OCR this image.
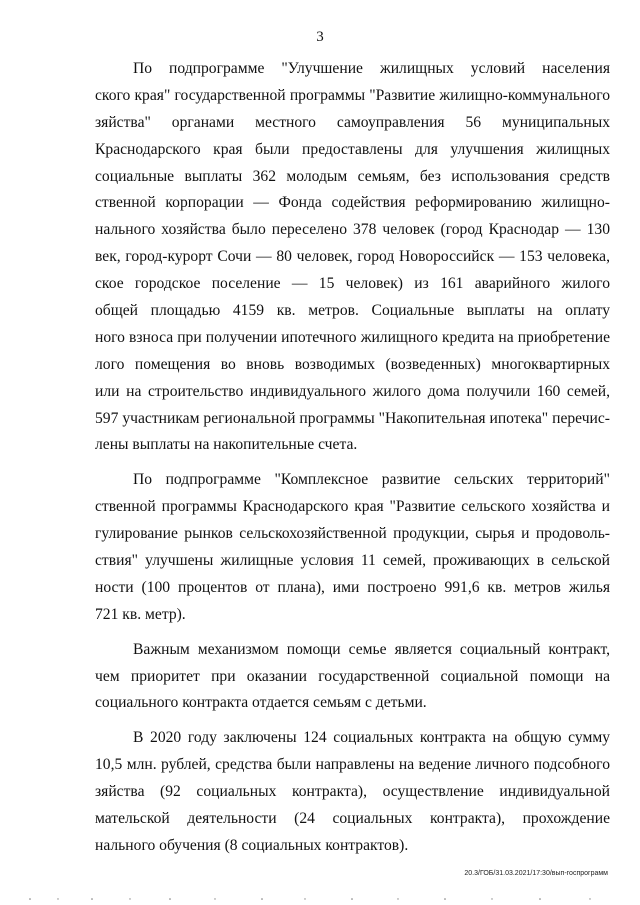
3
По подпрограмме "Улучшение жилищных условий населения
ского края" государственной программы "Развитие жилищно-коммунального
зяйства" органами местного самоуправления 56 муниципальных
Краснодарского края были предоставлены для улучшения жилищных
социальные выплаты 362 молодым семьям, без использования средств
ственной корпорации — Фонда содействия реформированию жилищно-
нального хозяйства было переселено 378 человек (город Краснодар — 130
век, город-курорт Сочи — 80 человек, город Новороссийск — 153 человека,
ское городское поселение — 15 человек) из 161 аварийного жилого
общей площадью 4159 кв. метров. Социальные выплаты на оплату
ного взноса при получении ипотечного жилищного кредита на приобретение
лого помещения во вновь возводимых (возведенных) многоквартирных
или на строительство индивидуального жилого дома получили 160 семей,
597 участникам региональной программы "Накопительная ипотека" перечис-
лены выплаты на накопительные счета.
По подпрограмме "Комплексное развитие сельских территорий"
ственной программы Краснодарского края "Развитие сельского хозяйства и
гулирование рынков сельскохозяйственной продукции, сырья и продоволь-
ствия" улучшены жилищные условия 11 семей, проживающих в сельской
ности (100 процентов от плана), ими построено 991,6 кв. метров жилья
721 кв. метр).
Важным механизмом помощи семье является социальный контракт,
чем приоритет при оказании государственной социальной помощи на
социального контракта отдается семьям с детьми.
В 2020 году заключены 124 социальных контракта на общую сумму
10,5 млн. рублей, средства были направлены на ведение личного подсобного
зяйства (92 социальных контракта), осуществление индивидуальной
мательской деятельности (24 социальных контракта), прохождение
нального обучения (8 социальных контрактов).
20.3/ГОБ/31.03.2021/17:30/вып-госпрограмм
